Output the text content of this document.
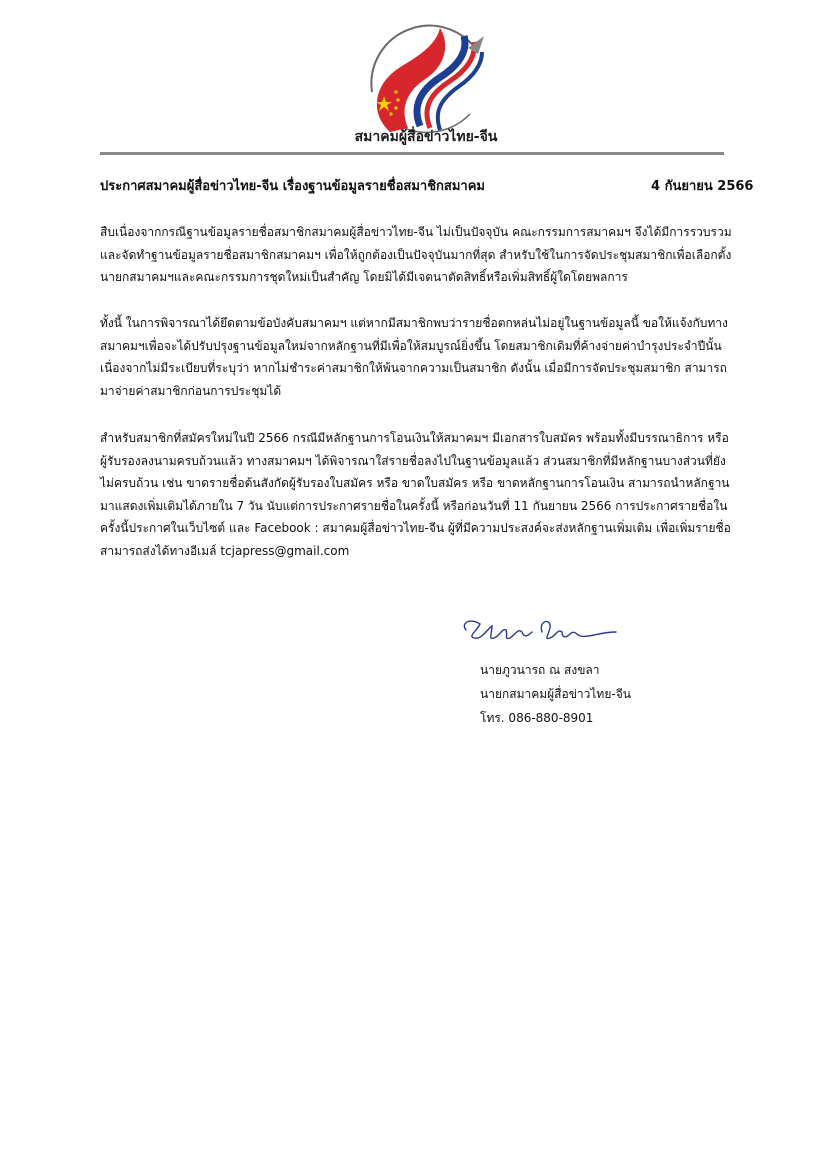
สมาคมผู้สื่อข่าวไทย-จีน
ประกาศสมาคมผู้สื่อข่าวไทย-จีน เรื่องฐานข้อมูลรายชื่อสมาชิกสมาคม	4 กันยายน 2566
สืบเนื่องจากกรณีฐานข้อมูลรายชื่อสมาชิกสมาคมผู้สื่อข่าวไทย-จีน ไม่เป็นปัจจุบัน คณะกรรมการสมาคมฯ จึงได้มีการรวบรวม
และจัดทำฐานข้อมูลรายชื่อสมาชิกสมาคมฯ เพื่อให้ถูกต้องเป็นปัจจุบันมากที่สุด สำหรับใช้ในการจัดประชุมสมาชิกเพื่อเลือกตั้ง
นายกสมาคมฯและคณะกรรมการชุดใหม่เป็นสำคัญ โดยมิได้มีเจตนาตัดสิทธิ์หรือเพิ่มสิทธิ์ผู้ใดโดยพลการ
ทั้งนี้ ในการพิจารณาได้ยึดตามข้อบังคับสมาคมฯ แต่หากมีสมาชิกพบว่ารายชื่อตกหล่นไม่อยู่ในฐานข้อมูลนี้ ขอให้แจ้งกับทาง
สมาคมฯเพื่อจะได้ปรับปรุงฐานข้อมูลใหม่จากหลักฐานที่มีเพื่อให้สมบูรณ์ยิ่งขึ้น โดยสมาชิกเดิมที่ค้างจ่ายค่าบำรุงประจำปีนั้น
เนื่องจากไม่มีระเบียบที่ระบุว่า หากไม่ชำระค่าสมาชิกให้พ้นจากความเป็นสมาชิก ดังนั้น เมื่อมีการจัดประชุมสมาชิก สามารถ
มาจ่ายค่าสมาชิกก่อนการประชุมได้
สำหรับสมาชิกที่สมัครใหม่ในปี 2566 กรณีมีหลักฐานการโอนเงินให้สมาคมฯ มีเอกสารใบสมัคร พร้อมทั้งมีบรรณาธิการ หรือ
ผู้รับรองลงนามครบถ้วนแล้ว ทางสมาคมฯ ได้พิจารณาใส่รายชื่อลงไปในฐานข้อมูลแล้ว ส่วนสมาชิกที่มีหลักฐานบางส่วนที่ยัง
ไม่ครบถ้วน เช่น ขาดรายชื่อต้นสังกัดผู้รับรองใบสมัคร หรือ ขาดใบสมัคร หรือ ขาดหลักฐานการโอนเงิน สามารถนำหลักฐาน
มาแสดงเพิ่มเติมได้ภายใน 7 วัน นับแต่การประกาศรายชื่อในครั้งนี้ หรือก่อนวันที่ 11 กันยายน 2566 การประกาศรายชื่อใน
ครั้งนี้ประกาศในเว็บไซต์ และ Facebook : สมาคมผู้สื่อข่าวไทย-จีน ผู้ที่มีความประสงค์จะส่งหลักฐานเพิ่มเติม เพื่อเพิ่มรายชื่อ
สามารถส่งได้ทางอีเมล์ tcjapress@gmail.com
นายภูวนารถ ณ สงขลา
นายกสมาคมผู้สื่อข่าวไทย-จีน
โทร. 086-880-8901
